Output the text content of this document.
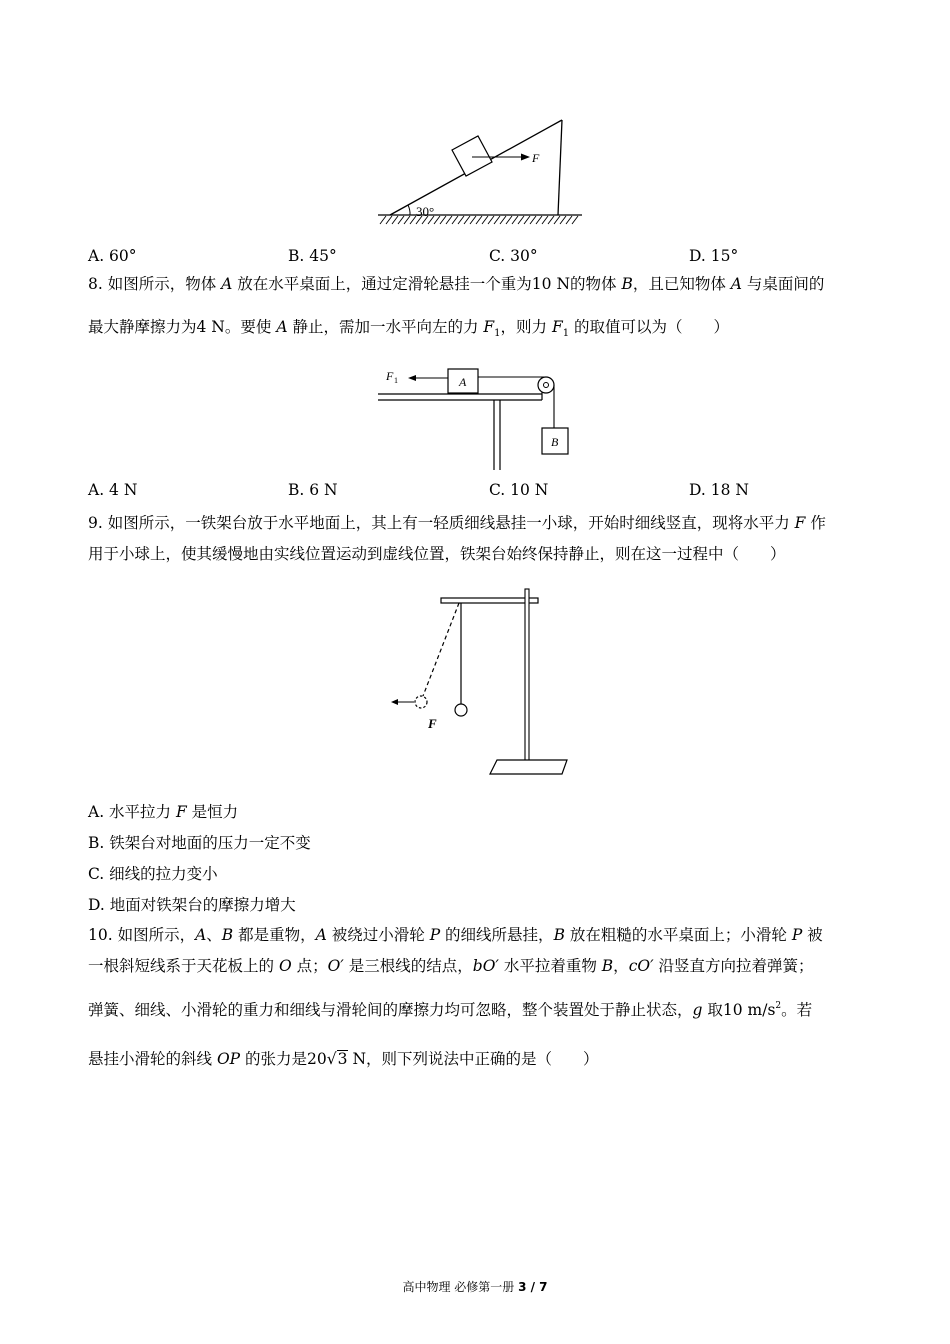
F
30°
A. 60°	B. 45°	C. 30°	D. 15°
8. 如图所示，物体 A 放在水平桌面上，通过定滑轮悬挂一个重为10 N的物体 B，且已知物体 A 与桌面间的
最大静摩擦力为4 N。要使 A 静止，需加一水平向左的力 $F_1$，则力 $F_1$ 的取值可以为（　　）
A
B
F 1
A. 4 N	B. 6 N	C. 10 N	D. 18 N
9. 如图所示，一铁架台放于水平地面上，其上有一轻质细线悬挂一小球，开始时细线竖直，现将水平力 F 作
用于小球上，使其缓慢地由实线位置运动到虚线位置，铁架台始终保持静止，则在这一过程中（　　）
F
A. 水平拉力 F 是恒力
B. 铁架台对地面的压力一定不变
C. 细线的拉力变小
D. 地面对铁架台的摩擦力增大
10. 如图所示，A、B 都是重物，A 被绕过小滑轮 P 的细线所悬挂，B 放在粗糙的水平桌面上；小滑轮 P 被
一根斜短线系于天花板上的 O 点；O′ 是三根线的结点，bO′ 水平拉着重物 B，cO′ 沿竖直方向拉着弹簧；
弹簧、细线、小滑轮的重力和细线与滑轮间的摩擦力均可忽略，整个装置处于静止状态，g 取10 $m/s^2$。若
悬挂小滑轮的斜线 OP 的张力是20√3 N，则下列说法中正确的是（　　）
高中物理 必修第一册 3 / 7
